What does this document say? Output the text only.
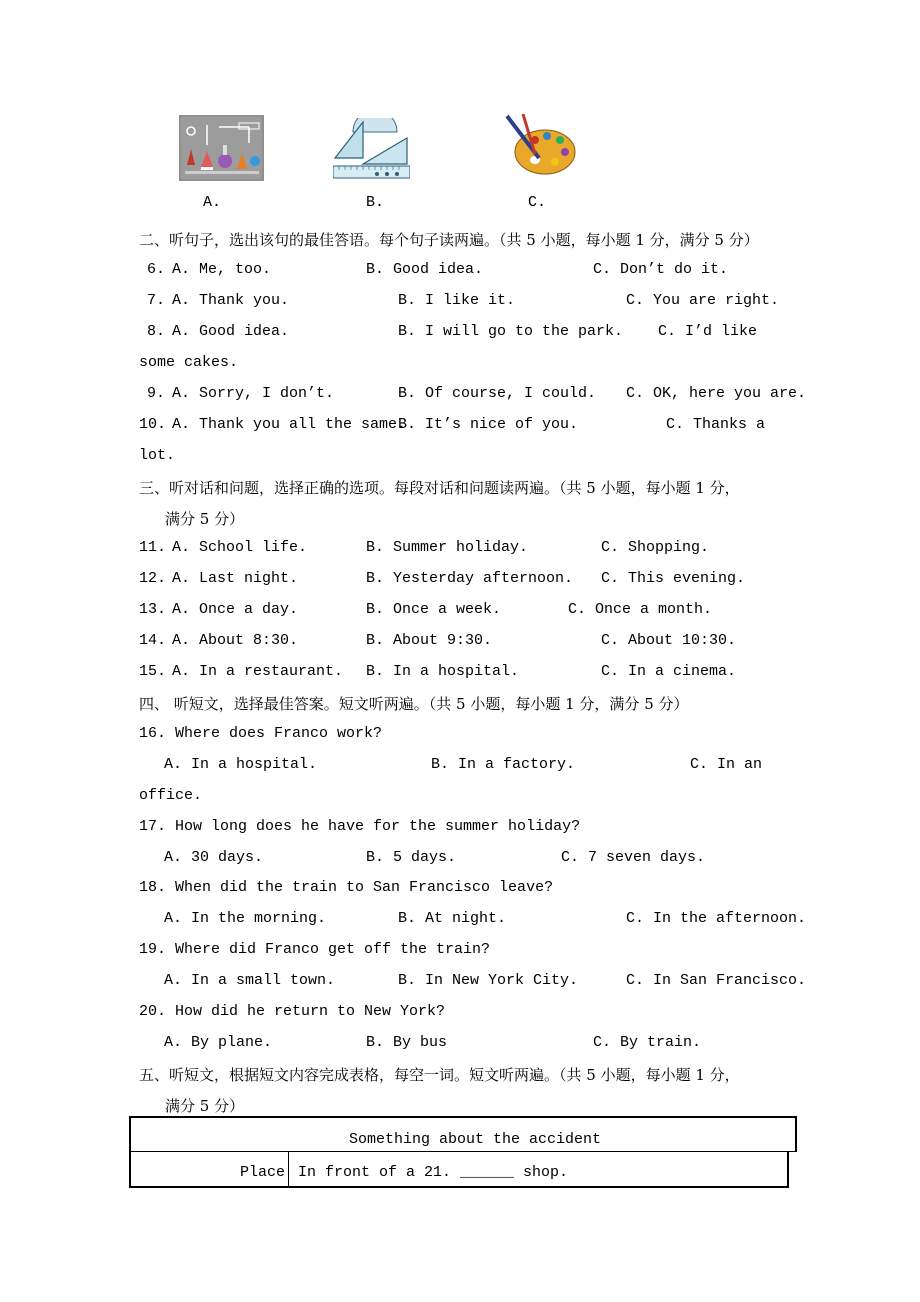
A.	B.	C.
二、听句子，选出该句的最佳答语。每个句子读两遍。（共 5 小题，每小题 1 分，满分 5 分）
6. A. Me, too.	B. Good idea.	C. Don’t do it.
7. A. Thank you.	B. I like it.	C. You are right.
8. A. Good idea.	B. I will go to the park. C. I’d like
some cakes.
9. A. Sorry, I don’t.	B. Of course, I could. C. OK, here you are.
10. A. Thank you all the same.
B. It’s nice of you.	C. Thanks a
lot.
三、听对话和问题，选择正确的选项。每段对话和问题读两遍。（共 5 小题，每小题 1 分，
满分 5 分）
11. A. School life.	B. Summer holiday.	C. Shopping.
12. A. Last night.	B. Yesterday afternoon. C. This evening.
13. A. Once a day.	B. Once a week.	C. Once a month.
14. A. About 8:30.	B. About 9:30.	C. About 10:30.
15. A. In a restaurant. B. In a hospital.	C. In a cinema.
四、 听短文，选择最佳答案。短文听两遍。（共 5 小题，每小题 1 分，满分 5 分）
16. Where does Franco work?
A. In a hospital.	B. In a factory.	C. In an
office.
17. How long does he have for the summer holiday?
A. 30 days.	B. 5 days.	C. 7 seven days.
18. When did the train to San Francisco leave?
A. In the morning.	B. At night.	C. In the afternoon.
19. Where did Franco get off the train?
A. In a small town.	B. In New York City.	C. In San Francisco.
20. How did he return to New York?
A. By plane.	B. By bus	C. By train.
五、听短文，根据短文内容完成表格，每空一词。短文听两遍。（共 5 小题，每小题 1 分，
满分 5 分）
Something about the accident
Place In front of a 21. ______ shop.
